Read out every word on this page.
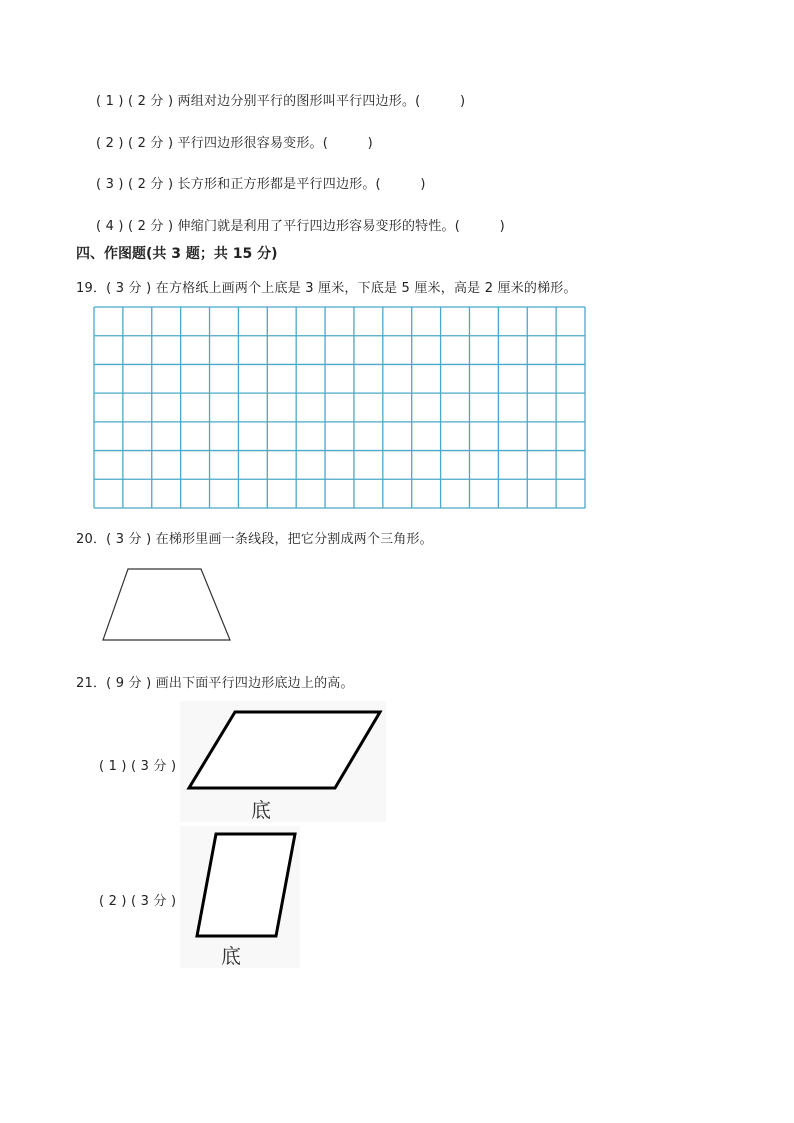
( 1 ) ( 2 分 ) 两组对边分别平行的图形叫平行四边形。(　　　)
( 2 ) ( 2 分 ) 平行四边形很容易变形。(　　　)
( 3 ) ( 2 分 ) 长方形和正方形都是平行四边形。(　　　)
( 4 ) ( 2 分 ) 伸缩门就是利用了平行四边形容易变形的特性。(　　　)
四、作图题(共 3 题；共 15 分)
19．( 3 分 ) 在方格纸上画两个上底是 3 厘米，下底是 5 厘米，高是 2 厘米的梯形。
20．( 3 分 ) 在梯形里画一条线段，把它分割成两个三角形。
21．( 9 分 ) 画出下面平行四边形底边上的高。
( 1 ) ( 3 分 )
底
( 2 ) ( 3 分 )
底
